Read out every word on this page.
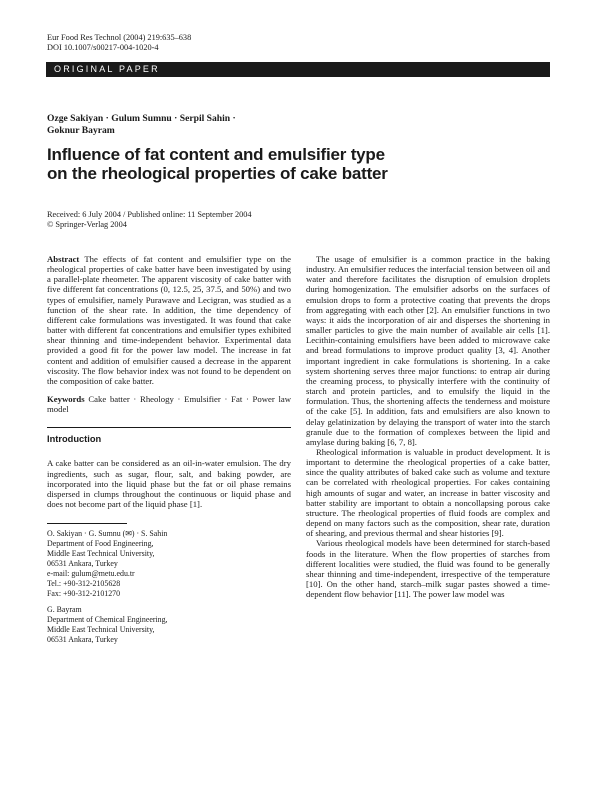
Eur Food Res Technol (2004) 219:635–638
DOI 10.1007/s00217-004-1020-4
ORIGINAL PAPER
Ozge Sakiyan · Gulum Sumnu · Serpil Sahin ·
Goknur Bayram
Influence of fat content and emulsifier type
on the rheological properties of cake batter
Received: 6 July 2004 / Published online: 11 September 2004
© Springer-Verlag 2004

Abstract The effects of fat content and emulsifier type on the rheological properties of cake batter have been investigated by using a parallel-plate rheometer. The apparent viscosity of cake batter with five different fat concentrations (0, 12.5, 25, 37.5, and 50%) and two types of emulsifier, namely Purawave and Lecigran, was studied as a function of the shear rate. In addition, the time dependency of different cake formulations was investigated. It was found that cake batter with different fat concentrations and emulsifier types exhibited shear thinning and time-independent behavior. Experimental data provided a good fit for the power law model. The increase in fat content and addition of emulsifier caused a decrease in the apparent viscosity. The flow behavior index was not found to be dependent on the composition of cake batter.

Keywords Cake batter · Rheology · Emulsifier · Fat · Power law model

Introduction

A cake batter can be considered as an oil-in-water emulsion. The dry ingredients, such as sugar, flour, salt, and baking powder, are incorporated into the liquid phase but the fat or oil phase remains dispersed in clumps throughout the continuous or liquid phase and does not become part of the liquid phase [1].

O. Sakiyan · G. Sumnu (✉) · S. Sahin
Department of Food Engineering,
Middle East Technical University,
06531 Ankara, Turkey
e-mail: gulum@metu.edu.tr
Tel.: +90-312-2105628
Fax: +90-312-2101270
G. Bayram
Department of Chemical Engineering,
Middle East Technical University,
06531 Ankara, Turkey

The usage of emulsifier is a common practice in the baking industry. An emulsifier reduces the interfacial tension between oil and water and therefore facilitates the disruption of emulsion droplets during homogenization. The emulsifier adsorbs on the surfaces of emulsion drops to form a protective coating that prevents the drops from aggregating with each other [2]. An emulsifier functions in two ways: it aids the incorporation of air and disperses the shortening in smaller particles to give the main number of available air cells [1]. Lecithin-containing emulsifiers have been added to microwave cake and bread formulations to improve product quality [3, 4]. Another important ingredient in cake formulations is shortening. In a cake system shortening serves three major functions: to entrap air during the creaming process, to physically interfere with the continuity of starch and protein particles, and to emulsify the liquid in the formulation. Thus, the shortening affects the tenderness and moisture of the cake [5]. In addition, fats and emulsifiers are also known to delay gelatinization by delaying the transport of water into the starch granule due to the formation of complexes between the lipid and amylase during baking [6, 7, 8].

Rheological information is valuable in product development. It is important to determine the rheological properties of a cake batter, since the quality attributes of baked cake such as volume and texture can be correlated with rheological properties. For cakes containing high amounts of sugar and water, an increase in batter viscosity and batter stability are important to obtain a noncollapsing porous cake structure. The rheological properties of fluid foods are complex and depend on many factors such as the composition, shear rate, duration of shearing, and previous thermal and shear histories [9].

Various rheological models have been determined for starch-based foods in the literature. When the flow properties of starches from different localities were studied, the fluid was found to be generally shear thinning and time-independent, irrespective of the temperature [10]. On the other hand, starch–milk sugar pastes showed a time-dependent flow behavior [11]. The power law model was
